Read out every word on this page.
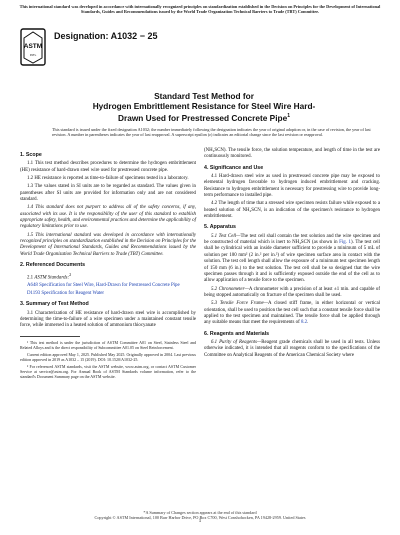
This international standard was developed in accordance with internationally recognized principles on standardization established in the Decision on Principles for the Development of International Standards, Guides and Recommendations issued by the World Trade Organization Technical Barriers to Trade (TBT) Committee.
ASTM
INTL
Designation: A1032 − 25
Standard Test Method for
Hydrogen Embrittlement Resistance for Steel Wire Hard-
Drawn Used for Prestressed Concrete Pipe$^1$
This standard is issued under the fixed designation A1032; the number immediately following the designation indicates the year of original adoption or, in the case of revision, the year of last revision. A number in parentheses indicates the year of last reapproval. A superscript epsilon (ε) indicates an editorial change since the last revision or reapproval.
1. Scope

1.1 This test method describes procedures to determine the hydrogen embrittlement (HE) resistance of hard-drawn steel wire used for prestressed concrete pipe.

1.2 HE resistance is reported as time-to-failure of specimens tested in a laboratory.

1.3 The values stated in SI units are to be regarded as standard. The values given in parentheses after SI units are provided for information only and are not considered standard.

1.4 This standard does not purport to address all of the safety concerns, if any, associated with its use. It is the responsibility of the user of this standard to establish appropriate safety, health, and environmental practices and determine the applicability of regulatory limitations prior to use.

1.5 This international standard was developed in accordance with internationally recognized principles on standardization established in the Decision on Principles for the Development of International Standards, Guides and Recommendations issued by the World Trade Organization Technical Barriers to Trade (TBT) Committee.

2. Referenced Documents

2.1 ASTM Standards:$^2$

A648 Specification for Steel Wire, Hard-Drawn for Prestressed Concrete Pipe
D1193 Specification for Reagent Water
3. Summary of Test Method

3.1 Characterization of HE resistance of hard-drawn steel wire is accomplished by determining the time-to-failure of a wire specimen under a maintained constant tensile force, while immersed in a heated solution of ammonium thiocyanate

¹ This test method is under the jurisdiction of ASTM Committee A01 on Steel, Stainless Steel and Related Alloys and is the direct responsibility of Subcommittee A01.05 on Steel Reinforcement.

Current edition approved May 1, 2025. Published May 2025. Originally approved in 2004. Last previous edition approved in 2019 as A1032 – 15 (2019). DOI: 10.1520/A1032-25.

² For referenced ASTM standards, visit the ASTM website, www.astm.org, or contact ASTM Customer Service at service@astm.org. For Annual Book of ASTM Standards volume information, refer to the standard's Document Summary page on the ASTM website.

(NH₄SCN). The tensile force, the solution temperature, and length of time in the test are continuously monitored.

4. Significance and Use

4.1 Hard-drawn steel wire as used in prestressed concrete pipe may be exposed to elemental hydrogen favorable to hydrogen induced embrittlement and cracking. Resistance to hydrogen embrittlement is necessary for prestressing wire to provide long-term performance to installed pipe.

4.2 The length of time that a stressed wire specimen resists failure while exposed to a heated solution of NH₄SCN, is an indication of the specimen's resistance to hydrogen embrittlement.

5. Apparatus

5.1 Test Cell—The test cell shall contain the test solution and the wire specimen and be constructed of material which is inert to NH₄SCN (as shown in Fig. 1). The test cell shall be cylindrical with an inside diameter sufficient to provide a minimum of 5 mL of solution per 100 mm² (2 in.² per in.²) of wire specimen surface area in contact with the solution. The test cell length shall allow the exposure of a minimum test specimen length of 150 mm (6 in.) to the test solution. The test cell shall be so designed that the wire specimen passes through it and is sufficiently exposed outside the end of the cell as to allow application of a tensile force to the specimen.

5.2 Chronometer—A chronometer with a precision of at least ±1 min. and capable of being stopped automatically on fracture of the specimen shall be used.

5.3 Tensile Force Frame—A closed stiff frame, in either horizontal or vertical orientation, shall be used to position the test cell such that a constant tensile force shall be applied to the test specimen and maintained. The tensile force shall be applied through any suitable means that meet the requirements of 8.2.

6. Reagents and Materials

6.1 Purity of Reagents—Reagent grade chemicals shall be used in all tests. Unless otherwise indicated, it is intended that all reagents conform to the specifications of the Committee on Analytical Reagents of the American Chemical Society where

*A Summary of Changes section appears at the end of this standard
Copyright © ASTM International, 100 Barr Harbor Drive, PO Box C700, West Conshohocken, PA 19428-2959. United States
1
